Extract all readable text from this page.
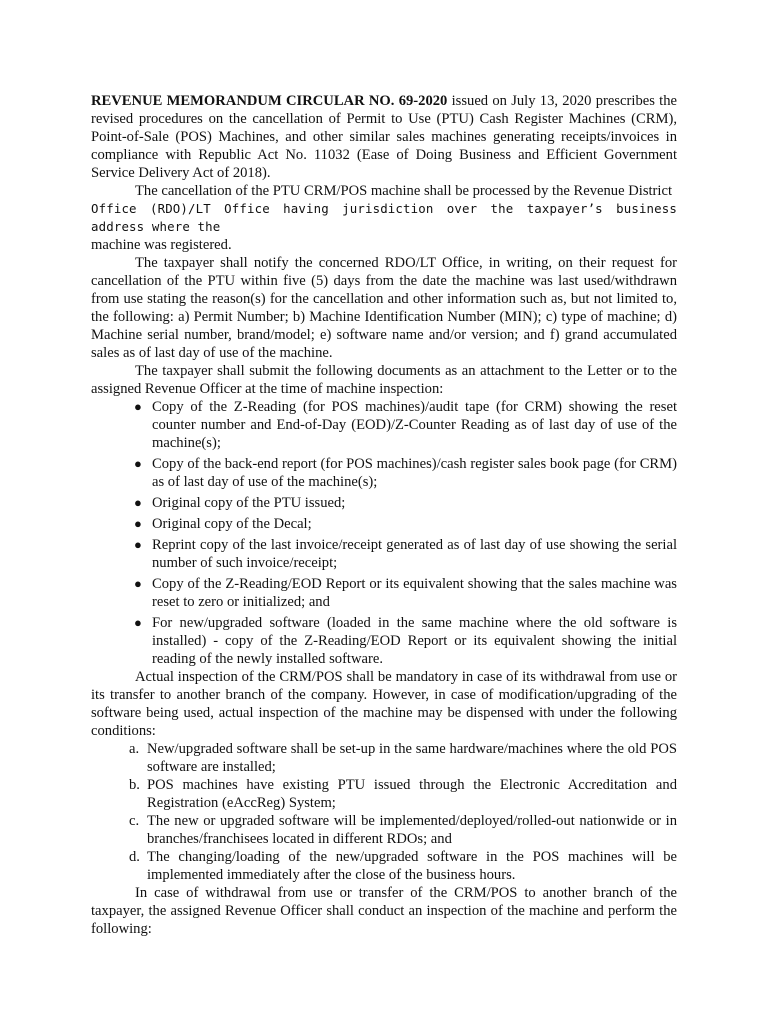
REVENUE MEMORANDUM CIRCULAR NO. 69-2020 issued on July 13, 2020 prescribes the revised procedures on the cancellation of Permit to Use (PTU) Cash Register Machines (CRM), Point-of-Sale (POS) Machines, and other similar sales machines generating receipts/invoices in compliance with Republic Act No. 11032 (Ease of Doing Business and Efficient Government Service Delivery Act of 2018).

The cancellation of the PTU CRM/POS machine shall be processed by the Revenue District
Office (RDO)/LT Office having jurisdiction over the taxpayer’s business address where the
machine was registered.

The taxpayer shall notify the concerned RDO/LT Office, in writing, on their request for cancellation of the PTU within five (5) days from the date the machine was last used/withdrawn from use stating the reason(s) for the cancellation and other information such as, but not limited to, the following: a) Permit Number; b) Machine Identification Number (MIN); c) type of machine; d) Machine serial number, brand/model; e) software name and/or version; and f) grand accumulated sales as of last day of use of the machine.

The taxpayer shall submit the following documents as an attachment to the Letter or to the assigned Revenue Officer at the time of machine inspection:

● Copy of the Z-Reading (for POS machines)/audit tape (for CRM) showing the reset counter number and End-of-Day (EOD)/Z-Counter Reading as of last day of use of the machine(s);
● Copy of the back-end report (for POS machines)/cash register sales book page (for CRM) as of last day of use of the machine(s);
● Original copy of the PTU issued;
● Original copy of the Decal;
● Reprint copy of the last invoice/receipt generated as of last day of use showing the serial number of such invoice/receipt;
● Copy of the Z-Reading/EOD Report or its equivalent showing that the sales machine was reset to zero or initialized; and
● For new/upgraded software (loaded in the same machine where the old software is installed) - copy of the Z-Reading/EOD Report or its equivalent showing the initial reading of the newly installed software.

Actual inspection of the CRM/POS shall be mandatory in case of its withdrawal from use or its transfer to another branch of the company. However, in case of modification/upgrading of the software being used, actual inspection of the machine may be dispensed with under the following conditions:

a. New/upgraded software shall be set-up in the same hardware/machines where the old POS software are installed;
b. POS machines have existing PTU issued through the Electronic Accreditation and Registration (eAccReg) System;
c. The new or upgraded software will be implemented/deployed/rolled-out nationwide or in branches/franchisees located in different RDOs; and
d. The changing/loading of the new/upgraded software in the POS machines will be implemented immediately after the close of the business hours.

In case of withdrawal from use or transfer of the CRM/POS to another branch of the taxpayer, the assigned Revenue Officer shall conduct an inspection of the machine and perform the following:
